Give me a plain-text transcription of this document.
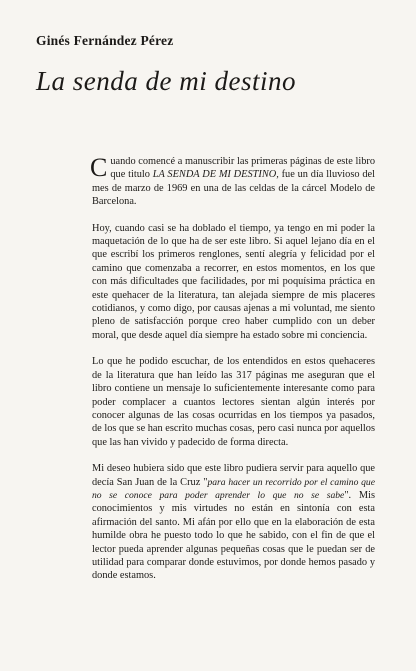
Ginés Fernández Pérez
La senda de mi destino

Cuando comencé a manuscribir las primeras páginas de este libro que titulo LA SENDA DE MI DESTINO, fue un día lluvioso del mes de marzo de 1969 en una de las celdas de la cárcel Modelo de Barcelona.

Hoy, cuando casi se ha doblado el tiempo, ya tengo en mi poder la maquetación de lo que ha de ser este libro. Si aquel lejano día en el que escribí los primeros renglones, sentí alegría y felicidad por el camino que comenzaba a recorrer, en estos momentos, en los que con más dificultades que facilidades, por mi poquísima práctica en este quehacer de la literatura, tan alejada siempre de mis placeres cotidianos, y como digo, por causas ajenas a mi voluntad, me siento pleno de satisfacción porque creo haber cumplido con un deber moral, que desde aquel día siempre ha estado sobre mi conciencia.

Lo que he podido escuchar, de los entendidos en estos quehaceres de la literatura que han leído las 317 páginas me aseguran que el libro contiene un mensaje lo suficientemente interesante como para poder complacer a cuantos lectores sientan algún interés por conocer algunas de las cosas ocurridas en los tiempos ya pasados, de los que se han escrito muchas cosas, pero casi nunca por aquellos que las han vivido y padecido de forma directa.

Mi deseo hubiera sido que este libro pudiera servir para aquello que decía San Juan de la Cruz "para hacer un recorrido por el camino que no se conoce para poder aprender lo que no se sabe". Mis conocimientos y mis virtudes no están en sintonía con esta afirmación del santo. Mi afán por ello que en la elaboración de esta humilde obra he puesto todo lo que he sabido, con el fin de que el lector pueda aprender algunas pequeñas cosas que le puedan ser de utilidad para comparar donde estuvimos, por donde hemos pasado y donde estamos.
